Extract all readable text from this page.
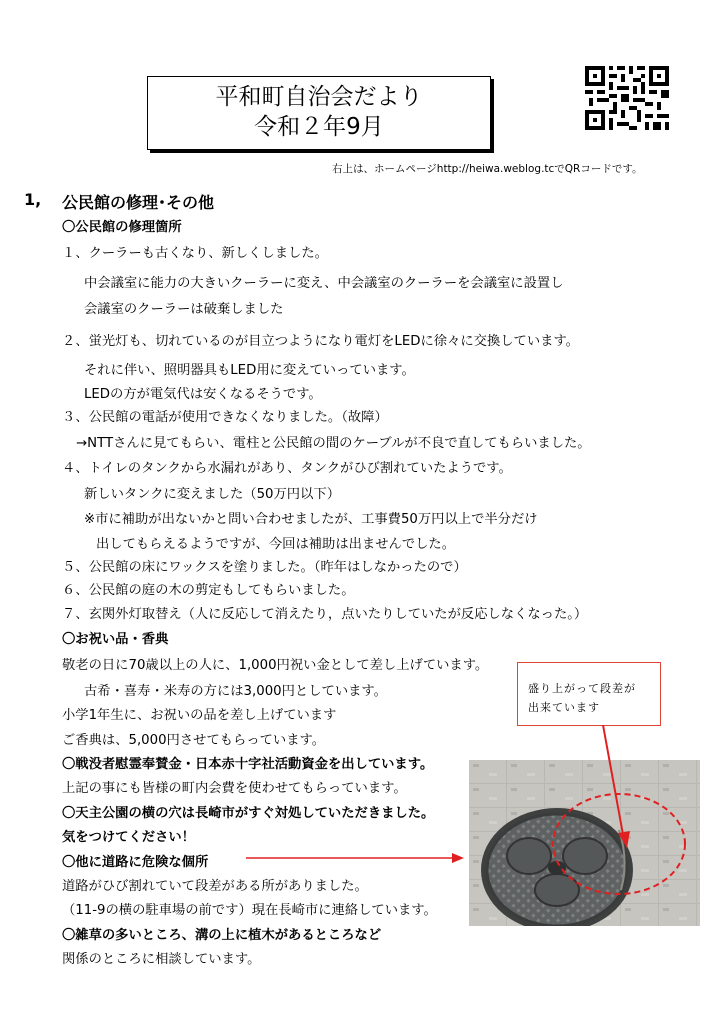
平和町自治会だより
令和２年9月
右上は、ホームページhttp://heiwa.weblog.tcでQRコードです。
1, 公民館の修理･その他
〇公民館の修理箇所
１、クーラーも古くなり、新しくしました。
中会議室に能力の大きいクーラーに変え、中会議室のクーラーを会議室に設置し
会議室のクーラーは破棄しました
２、蛍光灯も、切れているのが目立つようになり電灯をLEDに徐々に交換しています。
それに伴い、照明器具もLED用に変えていっています。
LEDの方が電気代は安くなるそうです。
３、公民館の電話が使用できなくなりました。（故障）
→NTTさんに見てもらい、電柱と公民館の間のケーブルが不良で直してもらいました。
４、トイレのタンクから水漏れがあり、タンクがひび割れていたようです。
新しいタンクに変えました（50万円以下）
※市に補助が出ないかと問い合わせましたが、工事費50万円以上で半分だけ
出してもらえるようですが、今回は補助は出ませんでした。
５、公民館の床にワックスを塗りました。（昨年はしなかったので）
６、公民館の庭の木の剪定もしてもらいました。
７、玄関外灯取替え（人に反応して消えたり，点いたりしていたが反応しなくなった。）
〇お祝い品・香典
敬老の日に70歳以上の人に、1,000円祝い金として差し上げています。
古希・喜寿・米寿の方には3,000円としています。
小学1年生に、お祝いの品を差し上げています
ご香典は、5,000円させてもらっています。
〇戦没者慰霊奉賛金・日本赤十字社活動資金を出しています。
上記の事にも皆様の町内会費を使わせてもらっています。
〇天主公園の横の穴は長崎市がすぐ対処していただきました。
気をつけてください！
〇他に道路に危険な個所
道路がひび割れていて段差がある所がありました。
（11-9の横の駐車場の前です）現在長崎市に連絡しています。
〇雑草の多いところ、溝の上に植木があるところなど
関係のところに相談しています。
盛り上がって段差が
出来ています
